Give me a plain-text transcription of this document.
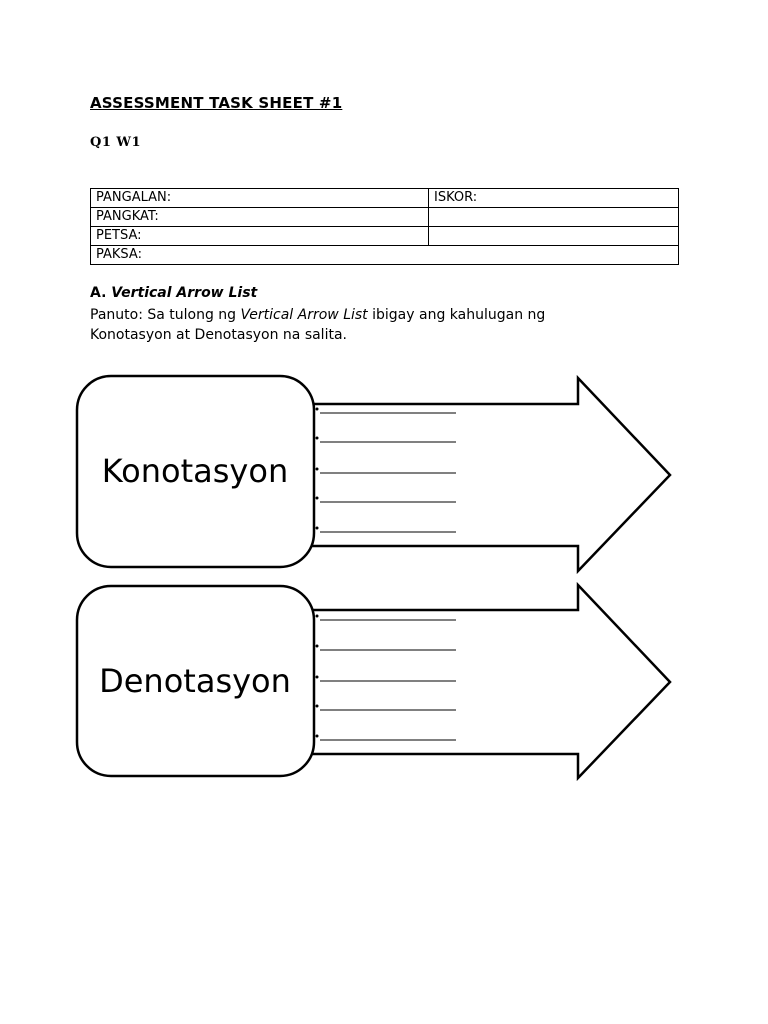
ASSESSMENT TASK SHEET #1
Q1 W1
PANGALAN:	ISKOR:
PANGKAT:	
PETSA:	
PAKSA:	
A. Vertical Arrow List
Panuto: Sa tulong ng Vertical Arrow List ibigay ang kahulugan ng Konotasyon at Denotasyon na salita.
Konotasyon
Denotasyon
